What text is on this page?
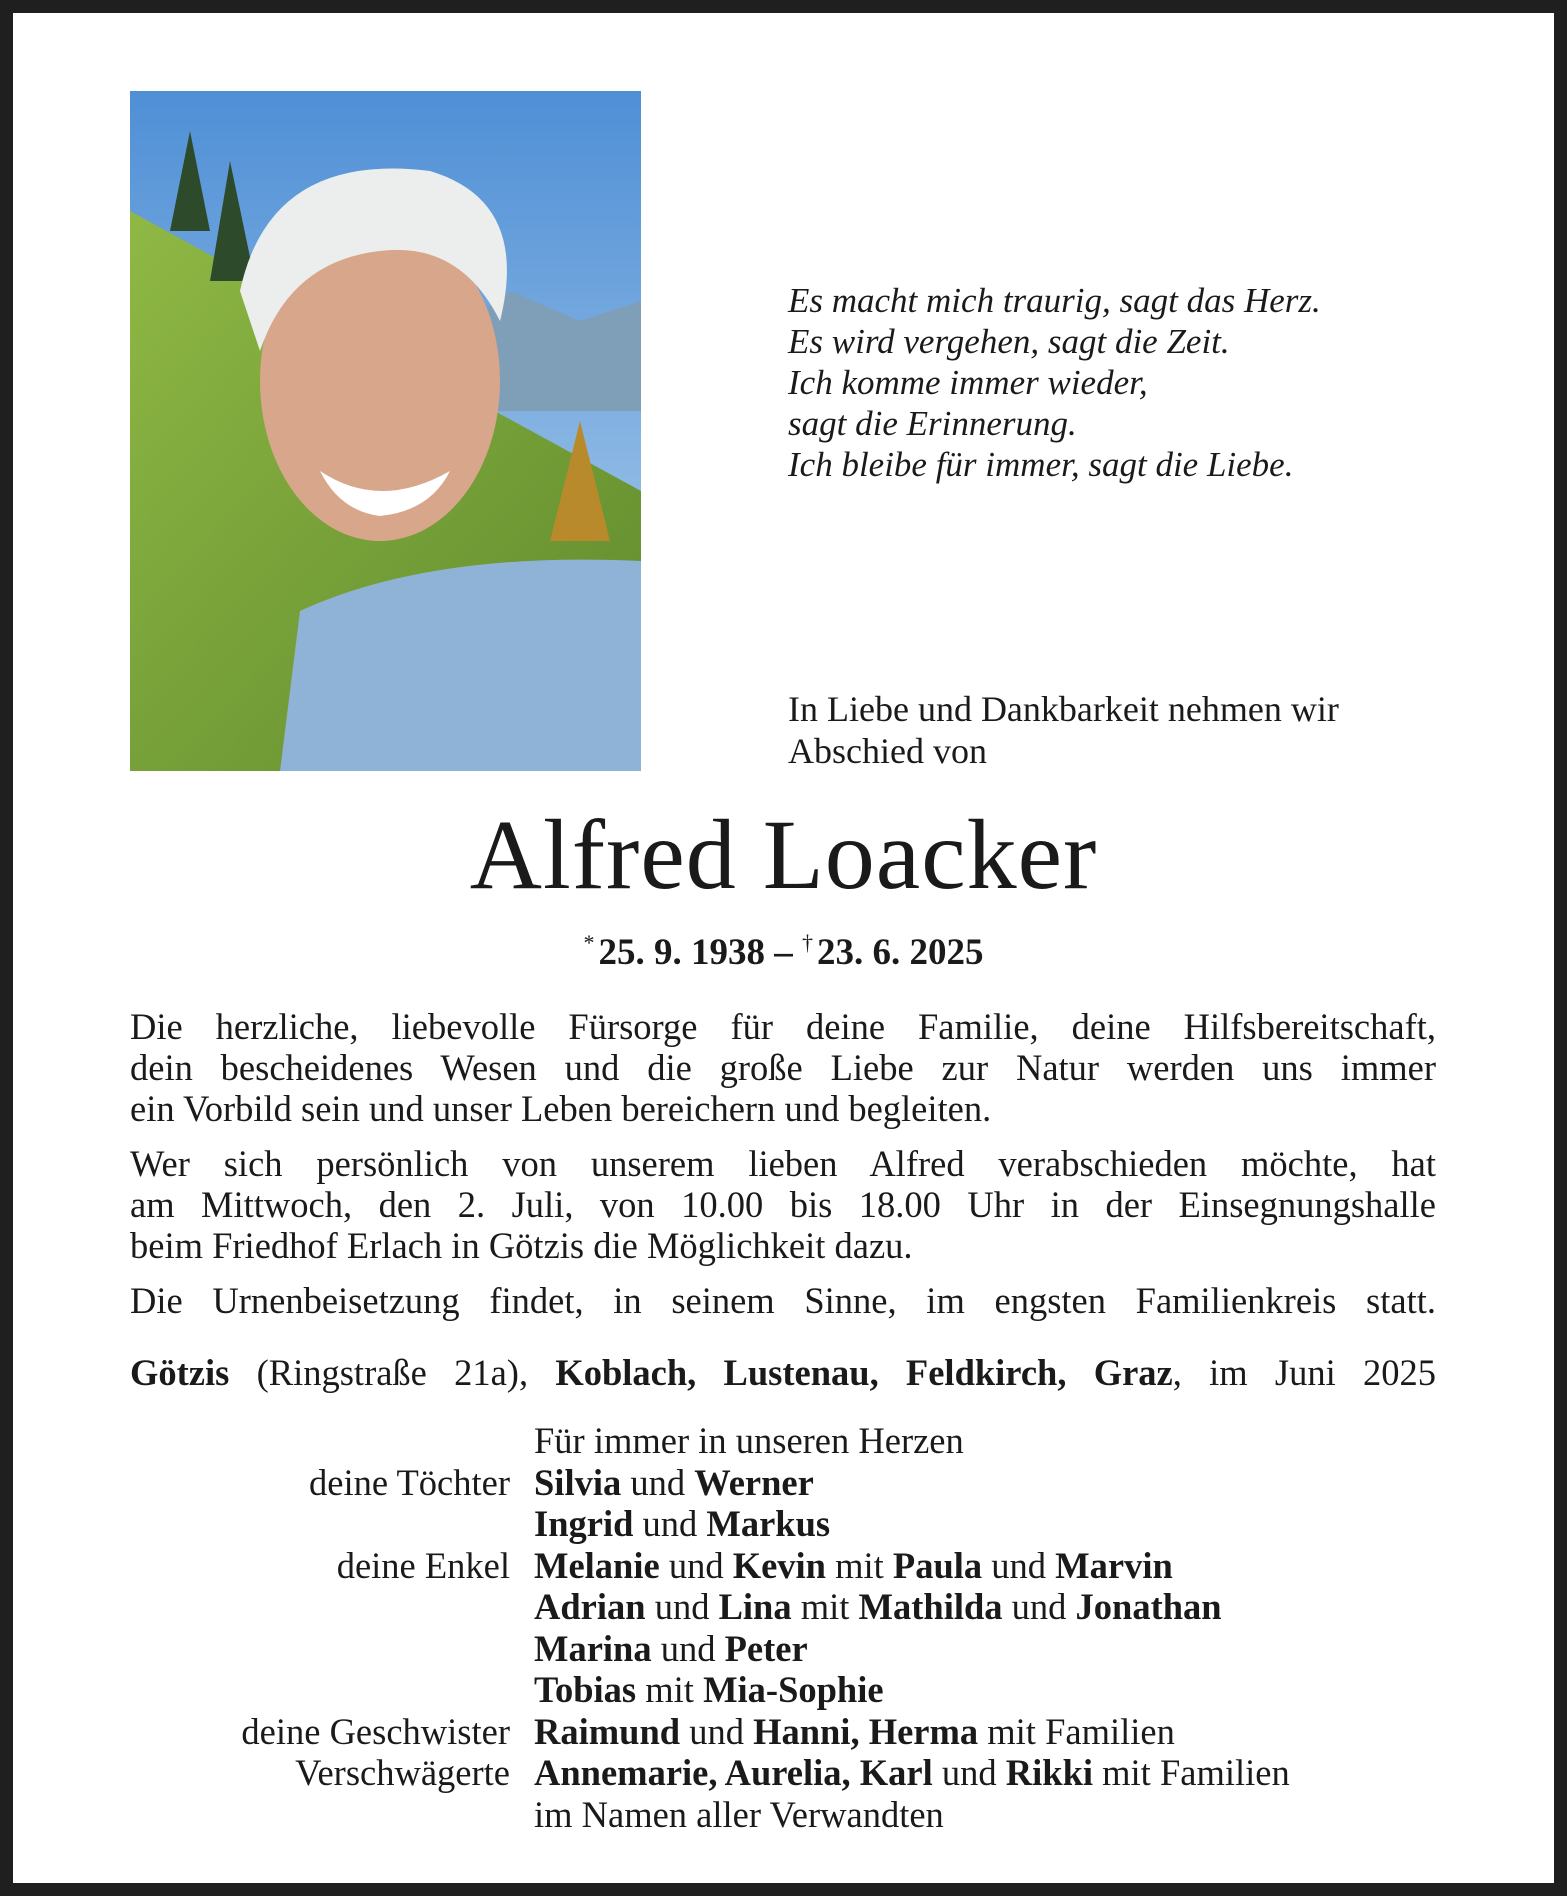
Es macht mich traurig, sagt das Herz.
Es wird vergehen, sagt die Zeit.
Ich komme immer wieder,
sagt die Erinnerung.
Ich bleibe für immer, sagt die Liebe.
In Liebe und Dankbarkeit nehmen wir
Abschied von
Alfred Loacker
* 25. 9. 1938 – † 23. 6. 2025
Die herzliche, liebevolle Fürsorge für deine Familie, deine Hilfsbereitschaft,
dein bescheidenes Wesen und die große Liebe zur Natur werden uns immer
ein Vorbild sein und unser Leben bereichern und begleiten.
Wer sich persönlich von unserem lieben Alfred verabschieden möchte, hat
am Mittwoch, den 2. Juli, von 10.00 bis 18.00 Uhr in der Einsegnungshalle
beim Friedhof Erlach in Götzis die Möglichkeit dazu.
Die Urnenbeisetzung findet, in seinem Sinne, im engsten Familienkreis statt.
Götzis (Ringstraße 21a), Koblach, Lustenau, Feldkirch, Graz, im Juni 2025
Für immer in unseren Herzen
deine Töchter Silvia und Werner
Ingrid und Markus
deine Enkel Melanie und Kevin mit Paula und Marvin
Adrian und Lina mit Mathilda und Jonathan
Marina und Peter
Tobias mit Mia-Sophie
deine Geschwister Raimund und Hanni, Herma mit Familien
Verschwägerte Annemarie, Aurelia, Karl und Rikki mit Familien
im Namen aller Verwandten
